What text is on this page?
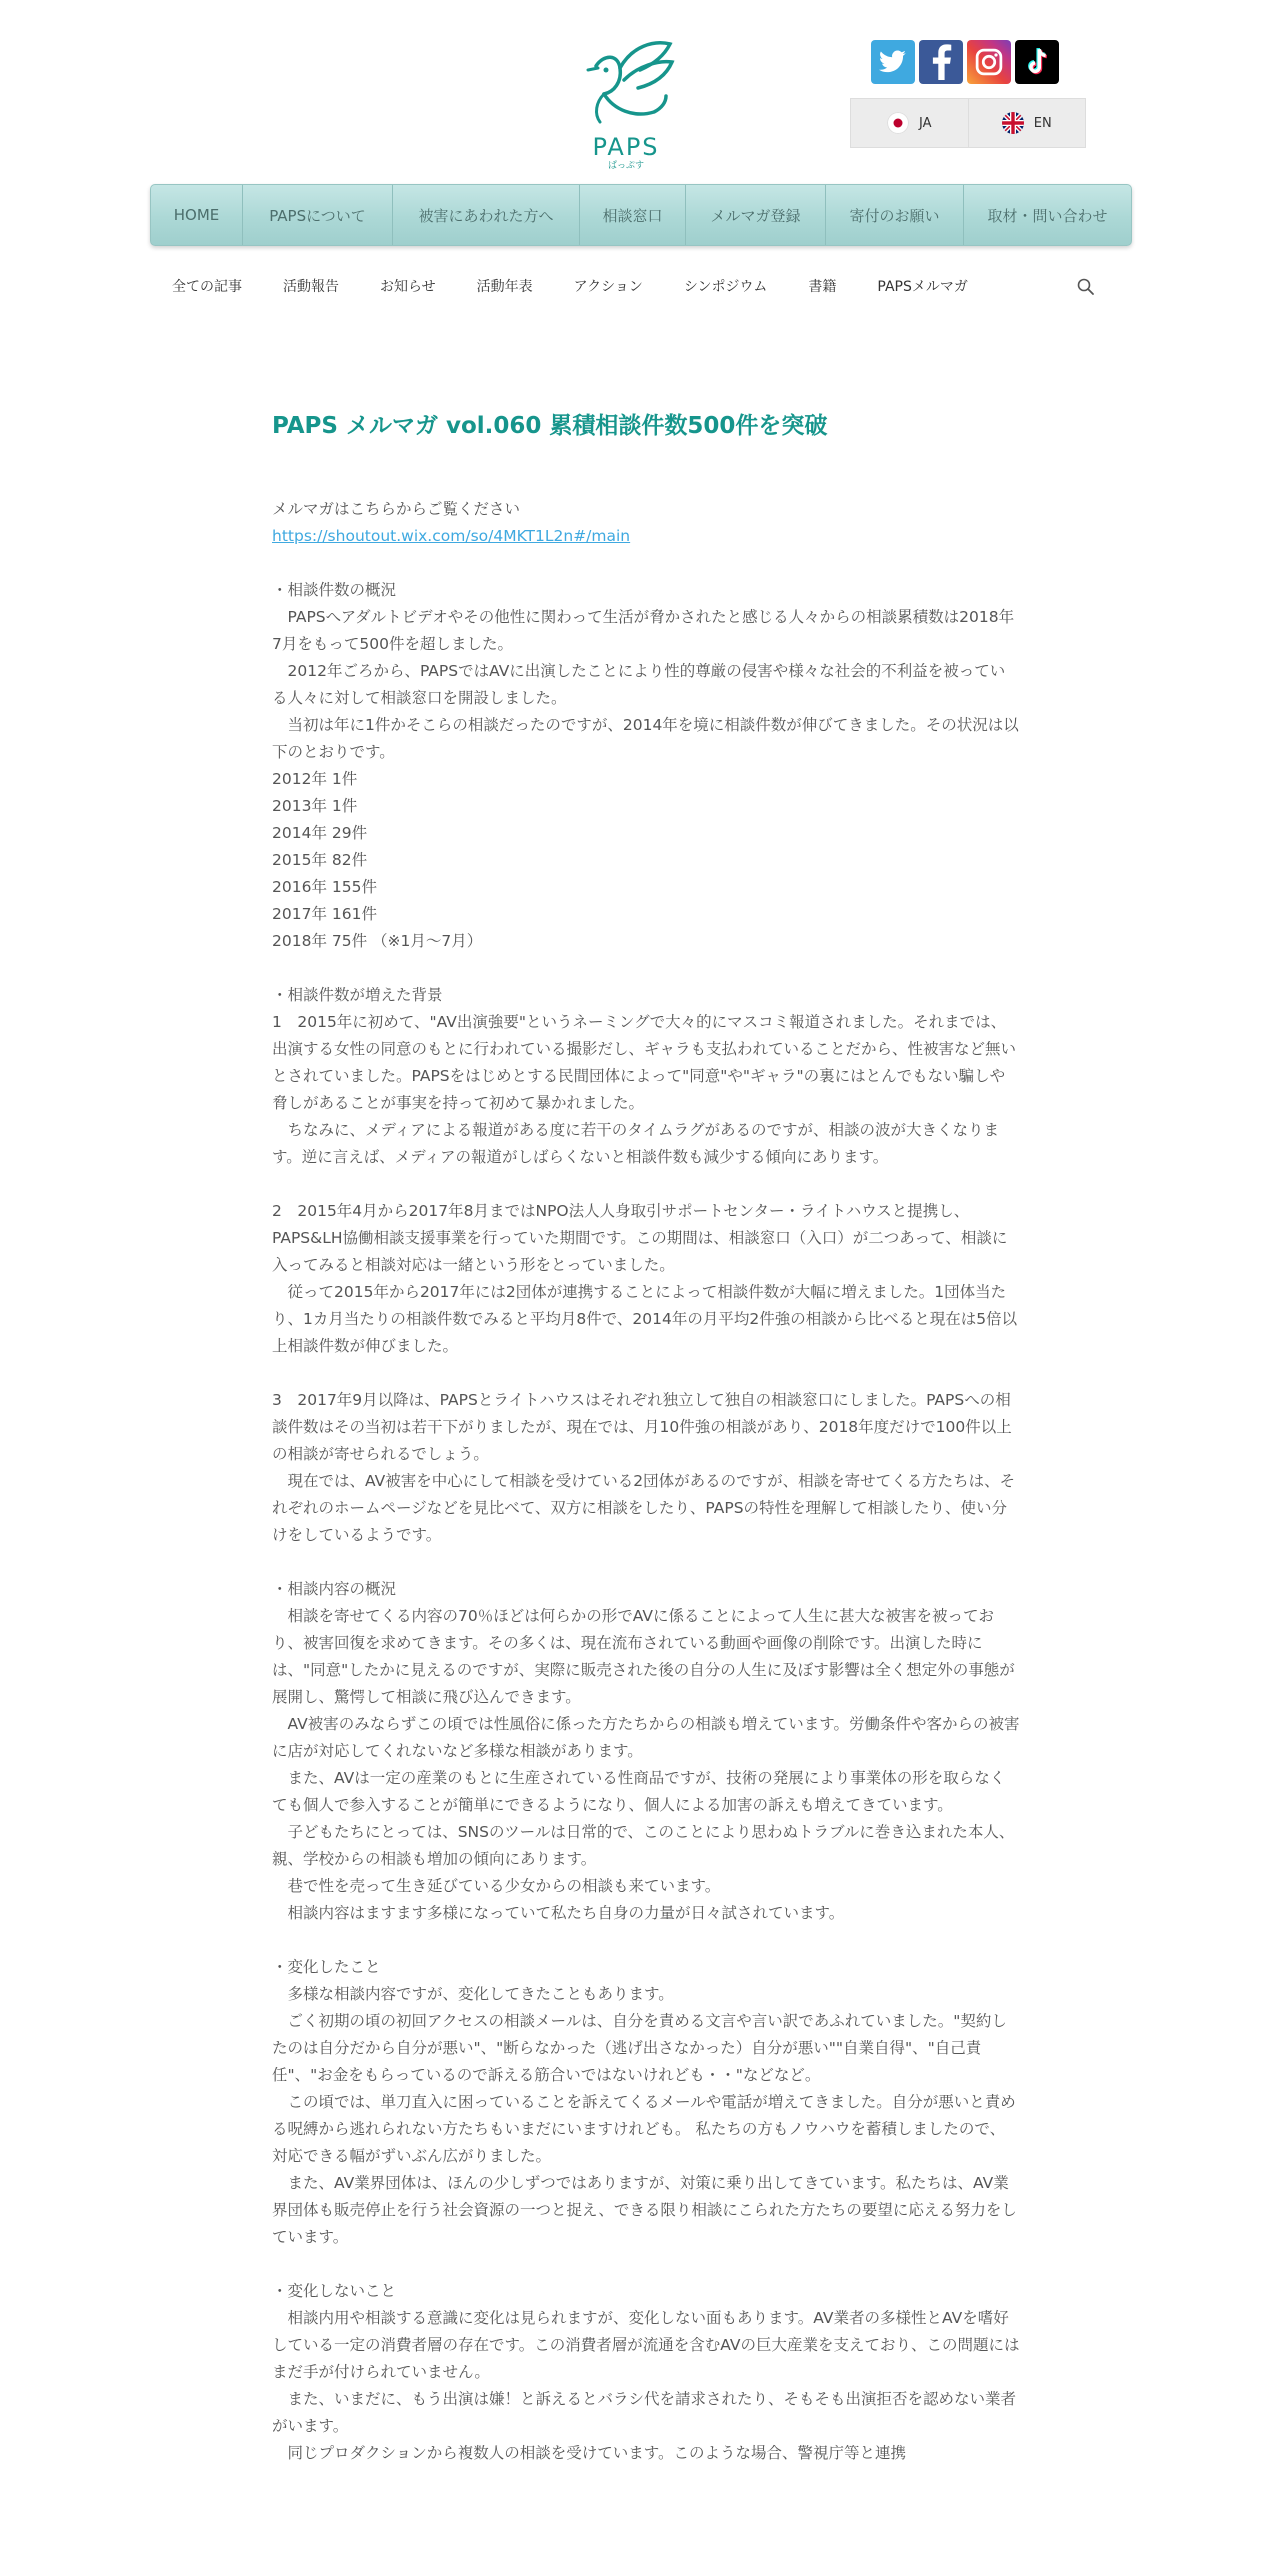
PAPS
ぱっぷす
JA	EN
HOME	PAPSについて	被害にあわれた方へ	相談窓口	メルマガ登録	寄付のお願い	取材・問い合わせ
全ての記事	活動報告	お知らせ	活動年表	アクション	シンポジウム	書籍	PAPSメルマガ
PAPS メルマガ vol.060 累積相談件数500件を突破
メルマガはこちらからご覧ください
https://shoutout.wix.com/so/4MKT1L2n#/main
・相談件数の概況
　PAPSへアダルトビデオやその他性に関わって生活が脅かされたと感じる人々からの相談累積数は2018年7月をもって500件を超しました。
　2012年ごろから、PAPSではAVに出演したことにより性的尊厳の侵害や様々な社会的不利益を被っている人々に対して相談窓口を開設しました。
　当初は年に1件かそこらの相談だったのですが、2014年を境に相談件数が伸びてきました。その状況は以下のとおりです。
2012年 1件
2013年 1件
2014年 29件
2015年 82件
2016年 155件
2017年 161件
2018年 75件 （※1月～7月）
・相談件数が増えた背景
1　2015年に初めて、"AV出演強要"というネーミングで大々的にマスコミ報道されました。それまでは、出演する女性の同意のもとに行われている撮影だし、ギャラも支払われていることだから、性被害など無いとされていました。PAPSをはじめとする民間団体によって"同意"や"ギャラ"の裏にはとんでもない騙しや脅しがあることが事実を持って初めて暴かれました。
　ちなみに、メディアによる報道がある度に若干のタイムラグがあるのですが、相談の波が大きくなります。逆に言えば、メディアの報道がしばらくないと相談件数も減少する傾向にあります。
2　2015年4月から2017年8月まではNPO法人人身取引サポートセンター・ライトハウスと提携し、PAPS&LH協働相談支援事業を行っていた期間です。この期間は、相談窓口（入口）が二つあって、相談に入ってみると相談対応は一緒という形をとっていました。
　従って2015年から2017年には2団体が連携することによって相談件数が大幅に増えました。1団体当たり、1カ月当たりの相談件数でみると平均月8件で、2014年の月平均2件強の相談から比べると現在は5倍以上相談件数が伸びました。
3　2017年9月以降は、PAPSとライトハウスはそれぞれ独立して独自の相談窓口にしました。PAPSへの相談件数はその当初は若干下がりましたが、現在では、月10件強の相談があり、2018年度だけで100件以上の相談が寄せられるでしょう。
　現在では、AV被害を中心にして相談を受けている2団体があるのですが、相談を寄せてくる方たちは、それぞれのホームページなどを見比べて、双方に相談をしたり、PAPSの特性を理解して相談したり、使い分けをしているようです。
・相談内容の概況
　相談を寄せてくる内容の70％ほどは何らかの形でAVに係ることによって人生に甚大な被害を被っており、被害回復を求めてきます。その多くは、現在流布されている動画や画像の削除です。出演した時には、"同意"したかに見えるのですが、実際に販売された後の自分の人生に及ぼす影響は全く想定外の事態が展開し、驚愕して相談に飛び込んできます。
　AV被害のみならずこの頃では性風俗に係った方たちからの相談も増えています。労働条件や客からの被害に店が対応してくれないなど多様な相談があります。
　また、AVは一定の産業のもとに生産されている性商品ですが、技術の発展により事業体の形を取らなくても個人で参入することが簡単にできるようになり、個人による加害の訴えも増えてきています。
　子どもたちにとっては、SNSのツールは日常的で、このことにより思わぬトラブルに巻き込まれた本人、親、学校からの相談も増加の傾向にあります。
　巷で性を売って生き延びている少女からの相談も来ています。
　相談内容はますます多様になっていて私たち自身の力量が日々試されています。
・変化したこと
　多様な相談内容ですが、変化してきたこともあります。
　ごく初期の頃の初回アクセスの相談メールは、自分を責める文言や言い訳であふれていました。"契約したのは自分だから自分が悪い"、"断らなかった（逃げ出さなかった）自分が悪い""自業自得"、"自己責任"、"お金をもらっているので訴える筋合いではないけれども・・"などなど。
　この頃では、単刀直入に困っていることを訴えてくるメールや電話が増えてきました。自分が悪いと責める呪縛から逃れられない方たちもいまだにいますけれども。 私たちの方もノウハウを蓄積しましたので、対応できる幅がずいぶん広がりました。
　また、AV業界団体は、ほんの少しずつではありますが、対策に乗り出してきています。私たちは、AV業界団体も販売停止を行う社会資源の一つと捉え、できる限り相談にこられた方たちの要望に応える努力をしています。
・変化しないこと
　相談内用や相談する意識に変化は見られますが、変化しない面もあります。AV業者の多様性とAVを嗜好している一定の消費者層の存在です。この消費者層が流通を含むAVの巨大産業を支えており、この問題にはまだ手が付けられていません。
　また、いまだに、もう出演は嫌！と訴えるとバラシ代を請求されたり、そもそも出演拒否を認めない業者がいます。
　同じプロダクションから複数人の相談を受けています。このような場合、警視庁等と連携
